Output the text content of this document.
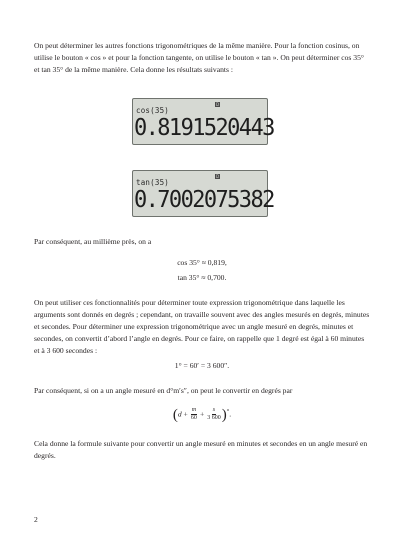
On peut déterminer les autres fonctions trigonométriques de la même manière. Pour la fonction cosinus, on utilise le bouton « cos » et pour la fonction tangente, on utilise le bouton « tan ». On peut déterminer cos 35° et tan 35° de la même manière. Cela donne les résultats suivants :

D
cos(35)
0.8191520443
D
tan(35)
0.7002075382

Par conséquent, au millième près, on a

cos 35° ≈ 0,819,

tan 35° ≈ 0,700.

On peut utiliser ces fonctionnalités pour déterminer toute expression trigonométrique dans laquelle les arguments sont donnés en degrés ; cependant, on travaille souvent avec des angles mesurés en degrés, minutes et secondes. Pour déterminer une expression trigonométrique avec un angle mesuré en degrés, minutes et secondes, on convertit d’abord l’angle en degrés. Pour ce faire, on rappelle que 1 degré est égal à 60 minutes et à 3 600 secondes :

1° = 60′ = 3 600″.

Par conséquent, si on a un angle mesuré en d°m′s″, on peut le convertir en degrés par

$(d + \frac{m}{60} + \frac{s}{3 600} )^\circ$.

Cela donne la formule suivante pour convertir un angle mesuré en minutes et secondes en un angle mesuré en degrés.

2
